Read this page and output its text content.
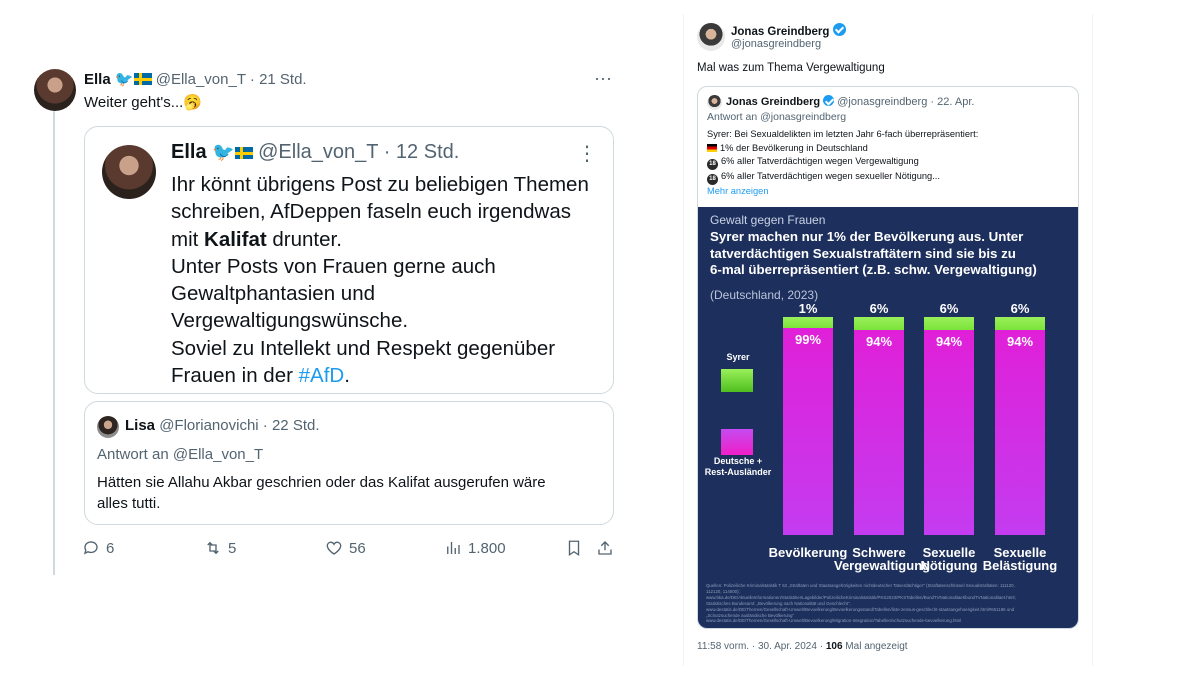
Ella 🐦 @Ella_von_T · 21 Std.	···
Weiter geht's...🥱
Ella 🐦 @Ella_von_T · 12 Std.	⋮
Ihr könnt übrigens Post zu beliebigen Themen
schreiben, AfDeppen faseln euch irgendwas
mit Kalifat drunter.
Unter Posts von Frauen gerne auch
Gewaltphantasien und
Vergewaltigungswünsche.
Soviel zu Intellekt und Respekt gegenüber
Frauen in der #AfD.
Lisa @Florianovichi · 22 Std.
Antwort an @Ella_von_T
Hätten sie Allahu Akbar geschrien oder das Kalifat ausgerufen wäre
alles tutti.
6	5	56	1.800
Jonas Greindberg
@jonasgreindberg
Mal was zum Thema Vergewaltigung
Jonas Greindberg @jonasgreindberg · 22. Apr.
Antwort an @jonasgreindberg
Syrer: Bei Sexualdelikten im letzten Jahr 6-fach überrepräsentiert:
1% der Bevölkerung in Deutschland
18 6% aller Tatverdächtigen wegen Vergewaltigung
18 6% aller Tatverdächtigen wegen sexueller Nötigung...
Mehr anzeigen
Gewalt gegen Frauen
Syrer machen nur 1% der Bevölkerung aus. Unter
tatverdächtigen Sexualstraftätern sind sie bis zu
6-mal überrepräsentiert (z.B. schw. Vergewaltigung)
(Deutschland, 2023)
Syrer
Deutsche +
Rest-Ausländer
1%
99%
Bevölkerung
6%
94%
Schwere
Vergewaltigung
6%
94%
Sexuelle
Nötigung
6%
94%
Sexuelle
Belästigung
Quellen: Polizeiliche Kriminalstatistik T 62 „Straftaten und Staatsangehörigkeiten nichtdeutscher Tatverdächtiger" (Straftatenschlüssel Sexualstraftaten: 111120,
112120, 114000);
www.bka.de/DE/AktuelleInformationen/StatistikenLagebilder/PolizeilicheKriminalstatistik/PKS2023/PKSTabellen/BundTVNationalitaet/bundTVNationalitaet.html;
Statistisches Bundesamt: „Bevölkerung nach Nationalität und Geschlecht",
www.destatis.de/DE/Themen/Gesellschaft-Umwelt/Bevoelkerung/Bevoelkerungsstand/Tabellen/liste-zensus-geschlecht-staatsangehoerigkeit.html#651186 und
„Schutzsuchende ausländische Bevölkerung"
www.destatis.de/DE/Themen/Gesellschaft-Umwelt/Bevoelkerung/Migration-Integration/Tabellen/schutzsuchende-bevoelkerung.html
11:58 vorm. · 30. Apr. 2024 · 106 Mal angezeigt
